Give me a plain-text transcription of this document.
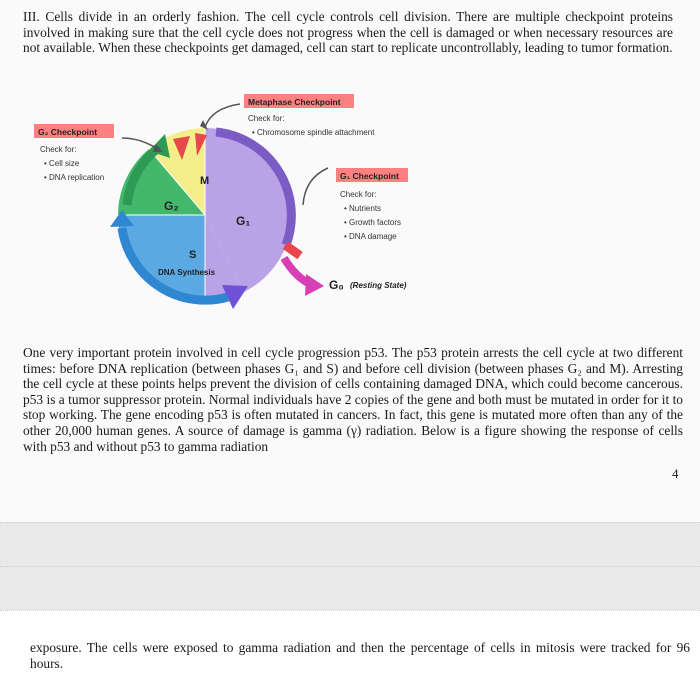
III. Cells divide in an orderly fashion. The cell cycle controls cell division. There are multiple checkpoint proteins involved in making sure that the cell cycle does not progress when the cell is damaged or when necessary resources are not available. When these checkpoints get damaged, cell can start to replicate uncontrollably, leading to tumor formation.

M
G₂
G₁
S
DNA Synthesis
Metaphase Checkpoint
Check for:
• Chromosome spindle attachment
G₂ Checkpoint
Check for:
• Cell size
• DNA replication	G₁ Checkpoint
Check for:
• Nutrients
• Growth factors
• DNA damage
G₀ (Resting State)

One very important protein involved in cell cycle progression p53. The p53 protein arrests the cell cycle at two different times: before DNA replication (between phases G₁ and S) and before cell division (between phases G₂ and M). Arresting the cell cycle at these points helps prevent the division of cells containing damaged DNA, which could become cancerous. p53 is a tumor suppressor protein. Normal individuals have 2 copies of the gene and both must be mutated in order for it to stop working. The gene encoding p53 is often mutated in cancers. In fact, this gene is mutated more often than any of the other 20,000 human genes. A source of damage is gamma (γ) radiation. Below is a figure showing the response of cells with p53 and without p53 to gamma radiation

4

exposure. The cells were exposed to gamma radiation and then the percentage of cells in mitosis were tracked for 96 hours.
